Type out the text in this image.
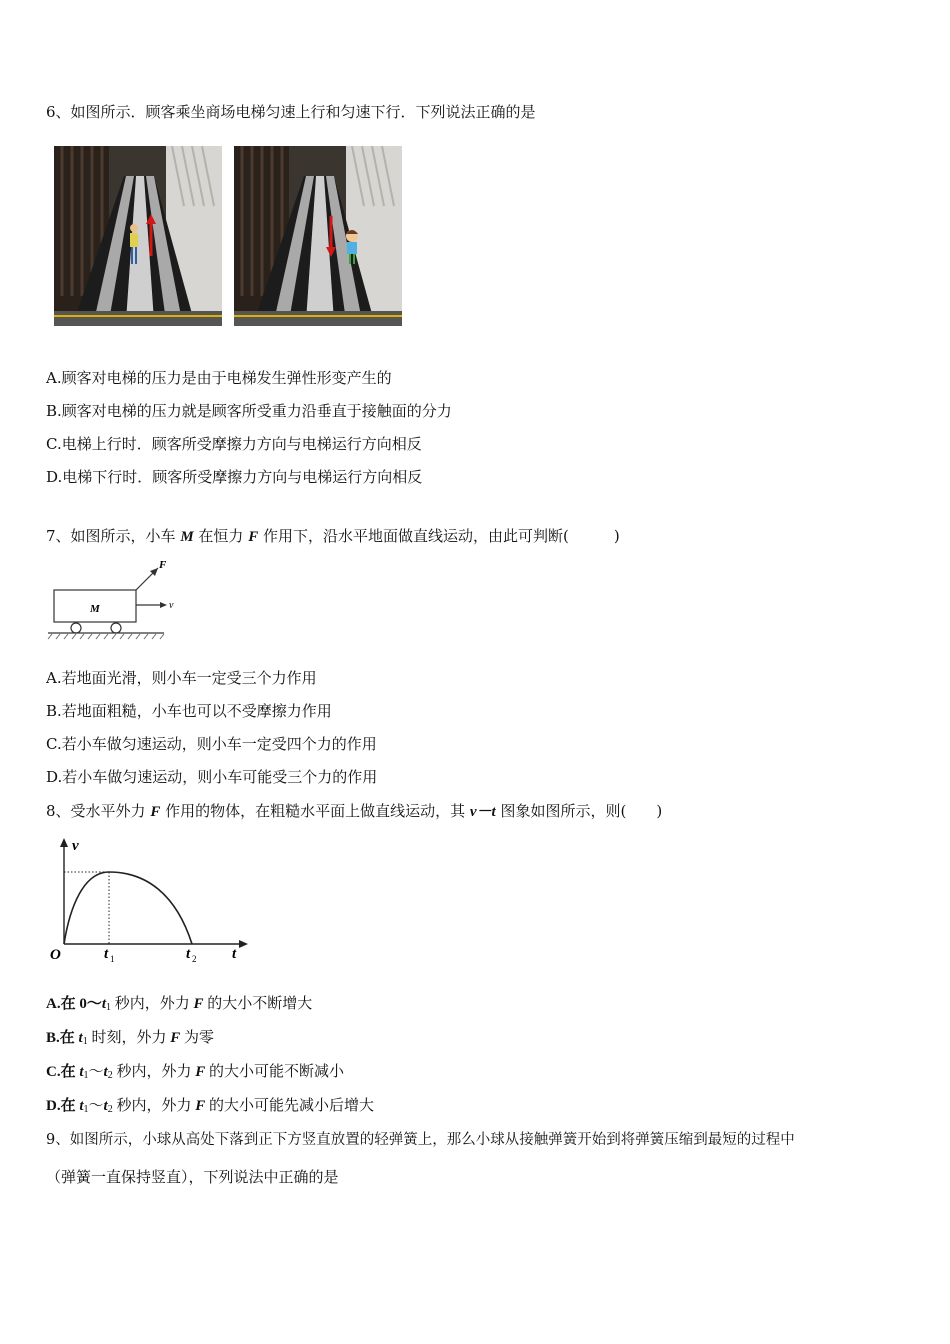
6、如图所示．顾客乘坐商场电梯匀速上行和匀速下行．下列说法正确的是
A.顾客对电梯的压力是由于电梯发生弹性形变产生的
B.顾客对电梯的压力就是顾客所受重力沿垂直于接触面的分力
C.电梯上行时．顾客所受摩擦力方向与电梯运行方向相反
D.电梯下行时．顾客所受摩擦力方向与电梯运行方向相反
7、如图所示，小车 M 在恒力 F 作用下，沿水平地面做直线运动，由此可判断(　　　)
M
F
v
A.若地面光滑，则小车一定受三个力作用
B.若地面粗糙，小车也可以不受摩擦力作用
C.若小车做匀速运动，则小车一定受四个力的作用
D.若小车做匀速运动，则小车可能受三个力的作用
8、受水平外力 F 作用的物体，在粗糙水平面上做直线运动，其 v－t 图象如图所示，则(　　)
v
t
O	t 1	t 2
A.在 $0\sim t_1$ 秒内，外力 F 的大小不断增大
B.在 $t_1$ 时刻，外力 F 为零
C.在 $t_1\sim t_2$ 秒内，外力 F 的大小可能不断减小
D.在 $t_1\sim t_2$ 秒内，外力 F 的大小可能先减小后增大
9、如图所示，小球从高处下落到正下方竖直放置的轻弹簧上，那么小球从接触弹簧开始到将弹簧压缩到最短的过程中
（弹簧一直保持竖直），下列说法中正确的是
